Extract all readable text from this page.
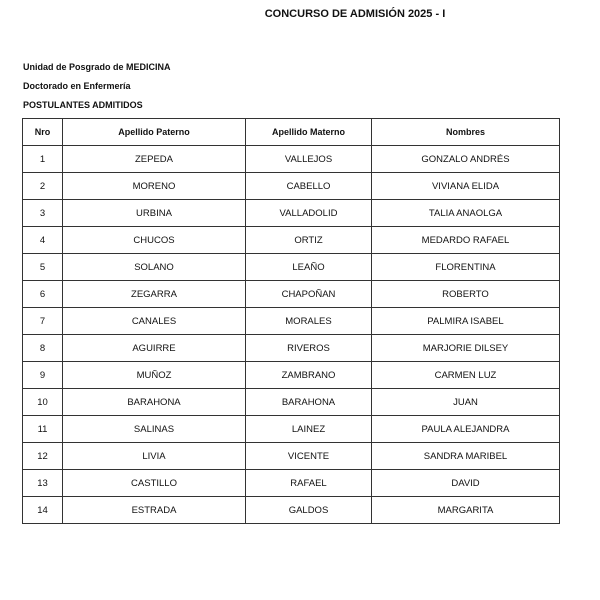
CONCURSO DE ADMISIÓN 2025 - I
Unidad de Posgrado de MEDICINA
Doctorado en Enfermería
POSTULANTES ADMITIDOS
Nro	Apellido Paterno	Apellido Materno	Nombres
1	ZEPEDA	VALLEJOS	GONZALO ANDRÉS
2	MORENO	CABELLO	VIVIANA ELIDA
3	URBINA	VALLADOLID	TALIA ANAOLGA
4	CHUCOS	ORTIZ	MEDARDO RAFAEL
5	SOLANO	LEAÑO	FLORENTINA
6	ZEGARRA	CHAPOÑAN	ROBERTO
7	CANALES	MORALES	PALMIRA ISABEL
8	AGUIRRE	RIVEROS	MARJORIE DILSEY
9	MUÑOZ	ZAMBRANO	CARMEN LUZ
10	BARAHONA	BARAHONA	JUAN
11	SALINAS	LAINEZ	PAULA ALEJANDRA
12	LIVIA	VICENTE	SANDRA MARIBEL
13	CASTILLO	RAFAEL	DAVID
14	ESTRADA	GALDOS	MARGARITA
